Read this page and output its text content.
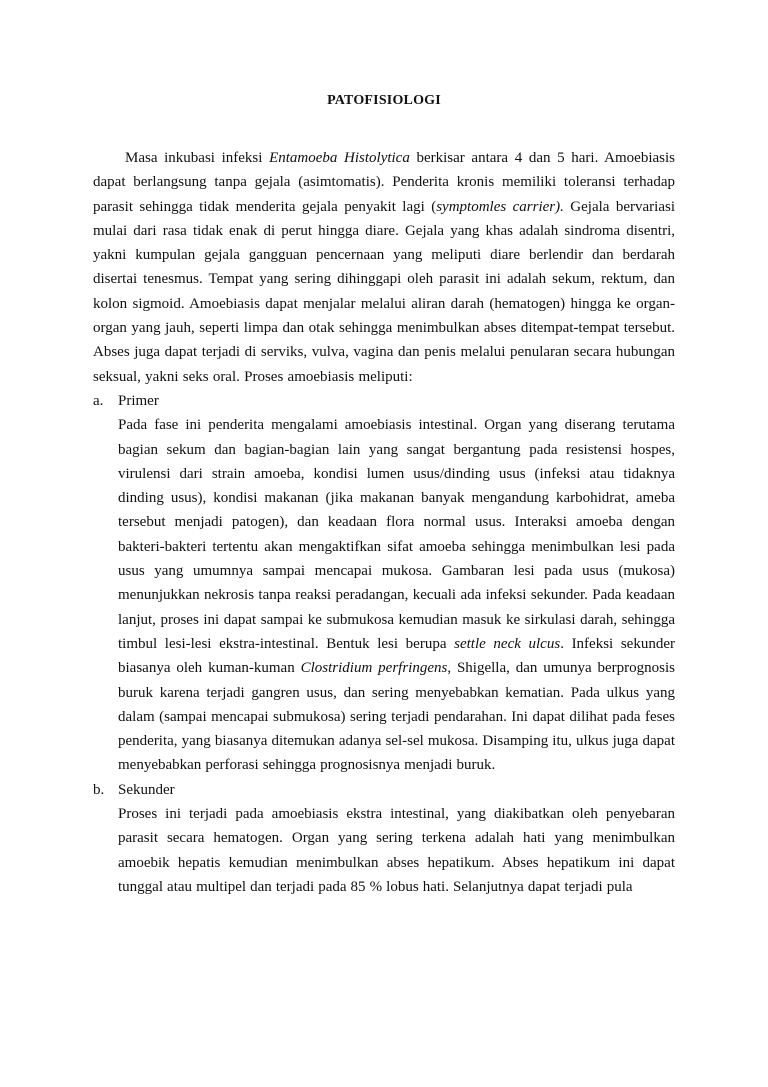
PATOFISIOLOGI

Masa inkubasi infeksi Entamoeba Histolytica berkisar antara 4 dan 5 hari. Amoebiasis dapat berlangsung tanpa gejala (asimtomatis). Penderita kronis memiliki toleransi terhadap parasit sehingga tidak menderita gejala penyakit lagi (symptomles carrier). Gejala bervariasi mulai dari rasa tidak enak di perut hingga diare. Gejala yang khas adalah sindroma disentri, yakni kumpulan gejala gangguan pencernaan yang meliputi diare berlendir dan berdarah disertai tenesmus. Tempat yang sering dihinggapi oleh parasit ini adalah sekum, rektum, dan kolon sigmoid. Amoebiasis dapat menjalar melalui aliran darah (hematogen) hingga ke organ-organ yang jauh, seperti limpa dan otak sehingga menimbulkan abses ditempat-tempat tersebut. Abses juga dapat terjadi di serviks, vulva, vagina dan penis melalui penularan secara hubungan seksual, yakni seks oral. Proses amoebiasis meliputi:

a. Primer
Pada fase ini penderita mengalami amoebiasis intestinal. Organ yang diserang terutama bagian sekum dan bagian-bagian lain yang sangat bergantung pada resistensi hospes, virulensi dari strain amoeba, kondisi lumen usus/dinding usus (infeksi atau tidaknya dinding usus), kondisi makanan (jika makanan banyak mengandung karbohidrat, ameba tersebut menjadi patogen), dan keadaan flora normal usus. Interaksi amoeba dengan bakteri-bakteri tertentu akan mengaktifkan sifat amoeba sehingga menimbulkan lesi pada usus yang umumnya sampai mencapai mukosa. Gambaran lesi pada usus (mukosa) menunjukkan nekrosis tanpa reaksi peradangan, kecuali ada infeksi sekunder. Pada keadaan lanjut, proses ini dapat sampai ke submukosa kemudian masuk ke sirkulasi darah, sehingga timbul lesi-lesi ekstra-intestinal. Bentuk lesi berupa settle neck ulcus. Infeksi sekunder biasanya oleh kuman-kuman Clostridium perfringens, Shigella, dan umunya berprognosis buruk karena terjadi gangren usus, dan sering menyebabkan kematian. Pada ulkus yang dalam (sampai mencapai submukosa) sering terjadi pendarahan. Ini dapat dilihat pada feses penderita, yang biasanya ditemukan adanya sel-sel mukosa. Disamping itu, ulkus juga dapat menyebabkan perforasi sehingga prognosisnya menjadi buruk.
b. Sekunder
Proses ini terjadi pada amoebiasis ekstra intestinal, yang diakibatkan oleh penyebaran parasit secara hematogen. Organ yang sering terkena adalah hati yang menimbulkan amoebik hepatis kemudian menimbulkan abses hepatikum. Abses hepatikum ini dapat tunggal atau multipel dan terjadi pada 85 % lobus hati. Selanjutnya dapat terjadi pula
